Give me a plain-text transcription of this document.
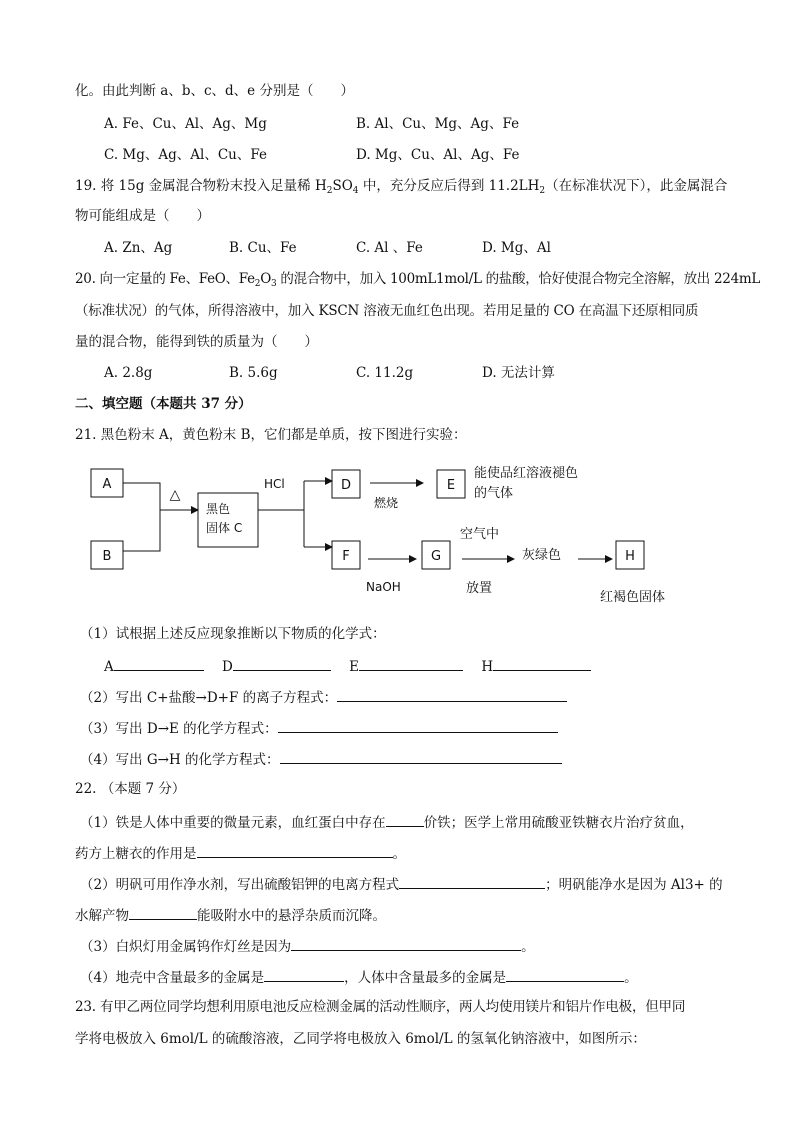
化。由此判断 a、b、c、d、e 分别是（　　）
A. Fe、Cu、Al、Ag、Mg	B. Al、Cu、Mg、Ag、Fe
C. Mg、Ag、Al、Cu、Fe	D. Mg、Cu、Al、Ag、Fe
19. 将 15g 金属混合物粉末投入足量稀 $H_2SO_4$ 中，充分反应后得到 $11.2LH_2$（在标准状况下），此金属混合
物可能组成是（　　）
A. Zn、Ag	B. Cu、Fe	C. Al 、Fe	D. Mg、Al
20. 向一定量的 Fe、FeO、$Fe_2O_3$ 的混合物中，加入 100mL1mol/L 的盐酸，恰好使混合物完全溶解，放出 224mL
（标准状况）的气体，所得溶液中，加入 KSCN 溶液无血红色出现。若用足量的 CO 在高温下还原相同质
量的混合物，能得到铁的质量为（　　）
A. 2.8g	B. 5.6g	C. 11.2g	D. 无法计算
二、填空题（本题共 37 分）
21. 黑色粉末 A，黄色粉末 B，它们都是单质，按下图进行实验：
A
B
△
黑色
固体 C
HCl	D
燃烧
E
能使品红溶液褪色
的气体
F
NaOH
G
空气中
放置
灰绿色	H
红褐色固体
（1）试根据上述反应现象推断以下物质的化学式：
A	D	E	H
（2）写出 C+盐酸→D+F 的离子方程式：
（3）写出 D→E 的化学方程式：
（4）写出 G→H 的化学方程式：
22. （本题 7 分）
（1）铁是人体中重要的微量元素，血红蛋白中存在	价铁；医学上常用硫酸亚铁糖衣片治疗贫血，
药方上糖衣的作用是	。
（2）明矾可用作净水剂，写出硫酸铝钾的电离方程式	；明矾能净水是因为 Al3+ 的
水解产物	能吸附水中的悬浮杂质而沉降。
（3）白炽灯用金属钨作灯丝是因为	。
（4）地壳中含量最多的金属是	，人体中含量最多的金属是	。
23. 有甲乙两位同学均想利用原电池反应检测金属的活动性顺序，两人均使用镁片和铝片作电极，但甲同
学将电极放入 6mol/L 的硫酸溶液，乙同学将电极放入 6mol/L 的氢氧化钠溶液中，如图所示：
